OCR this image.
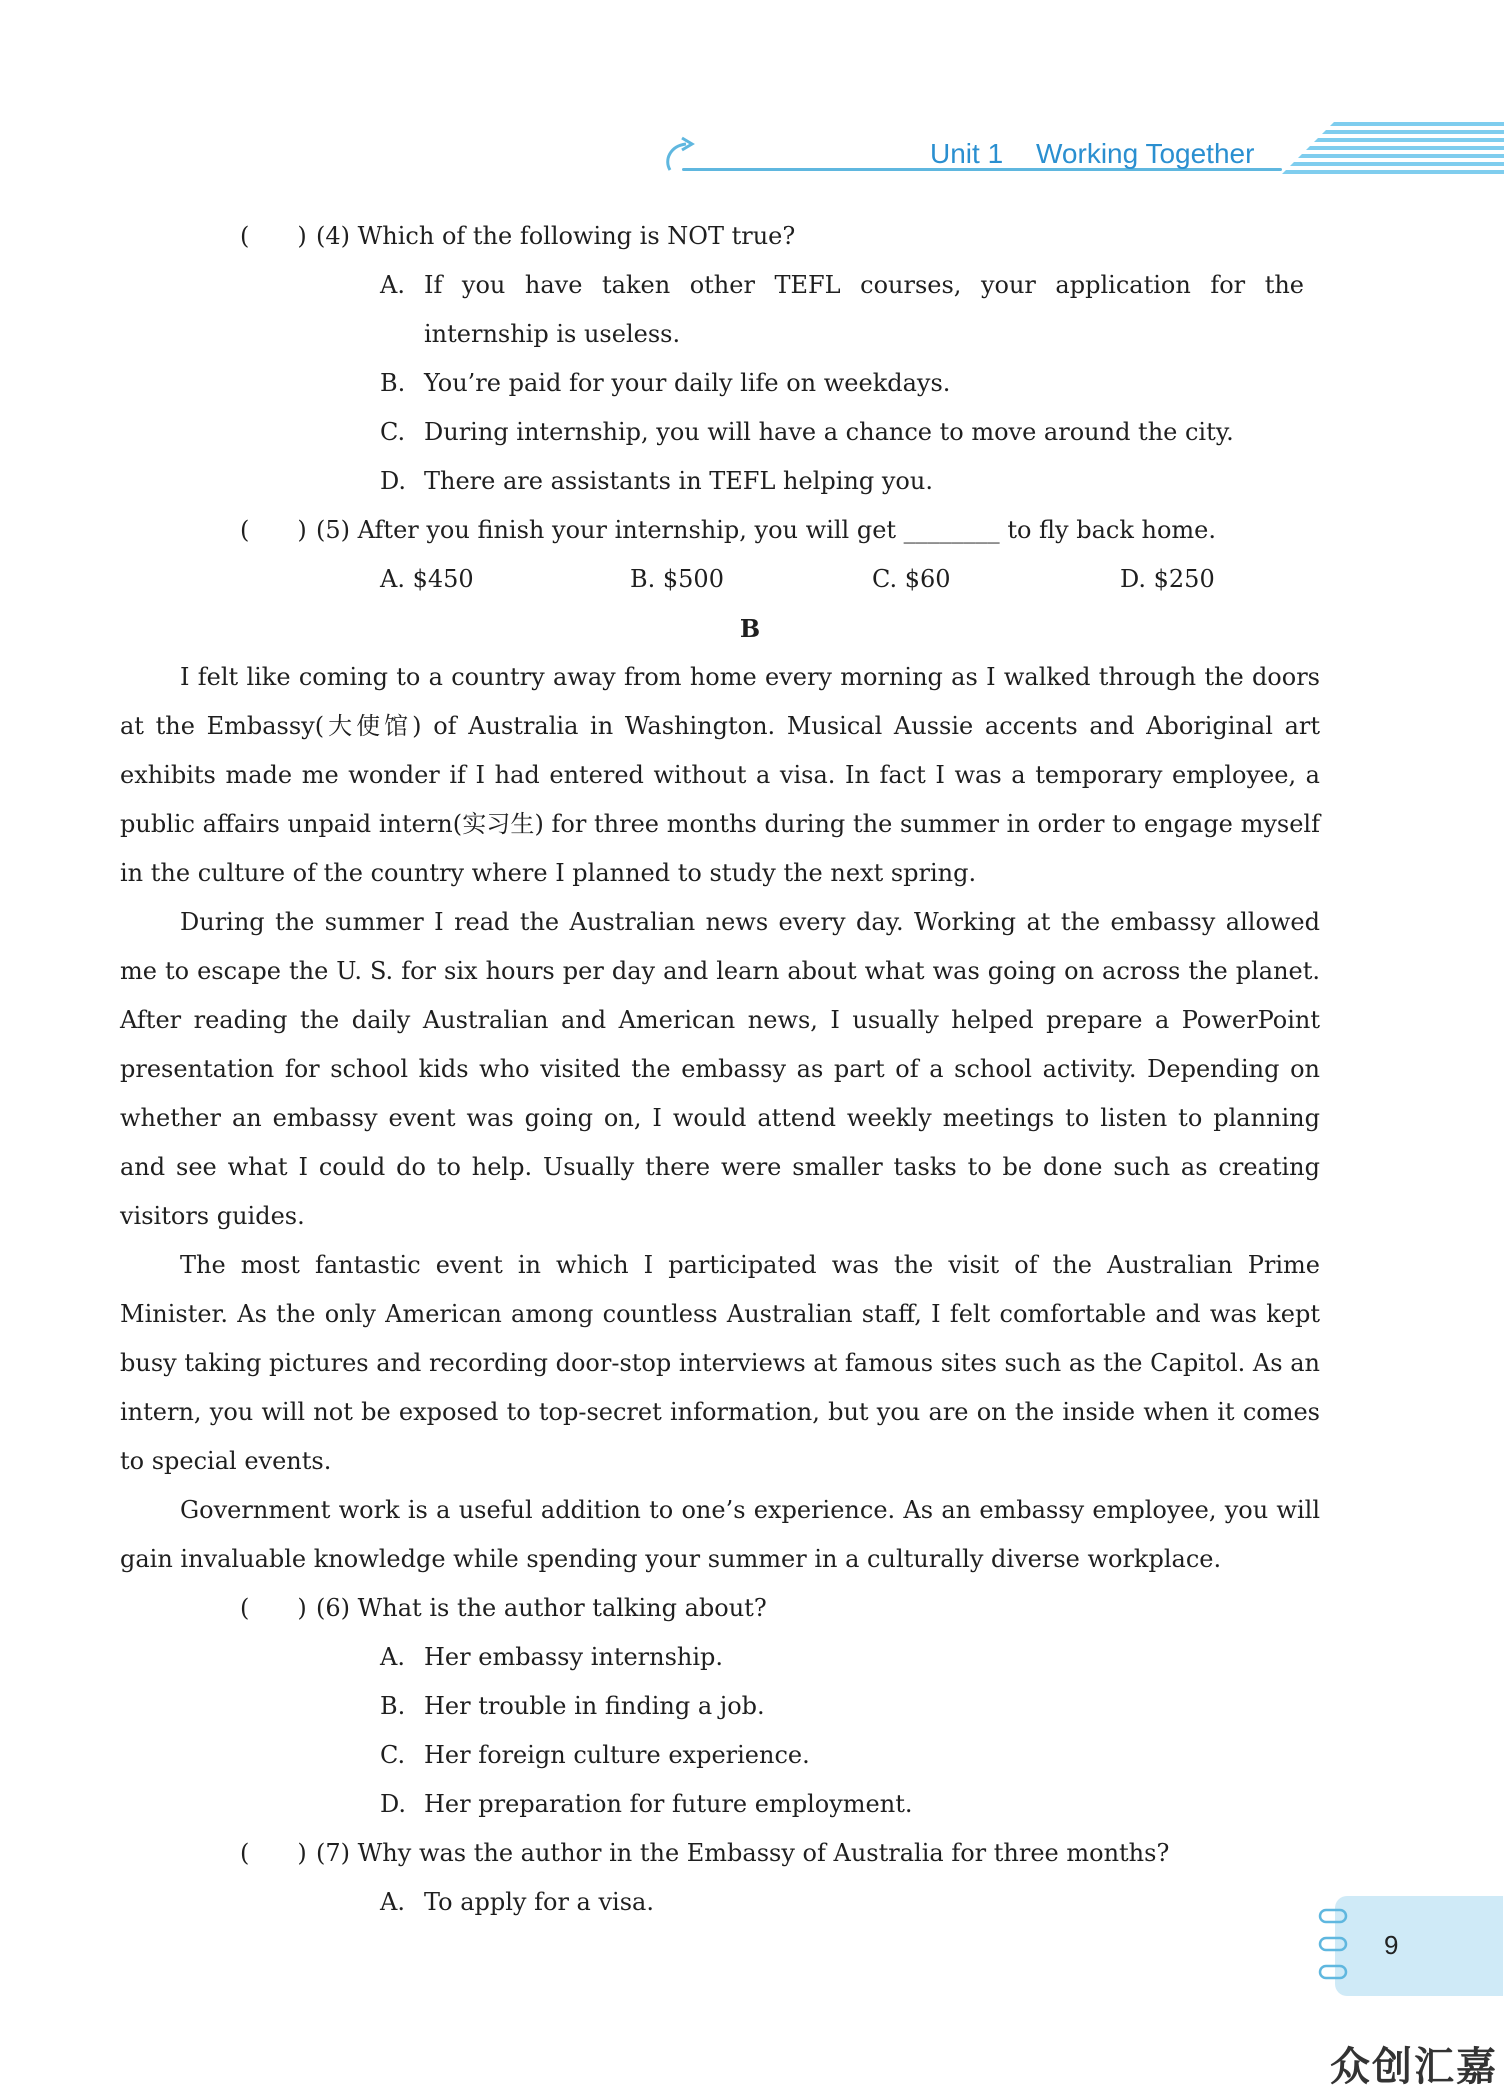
Unit 1 Working Together
(　　) (4) Which of the following is NOT true?
A. If you have taken other TEFL courses, your application for the internship is useless.
B. You’re paid for your daily life on weekdays.
C. During internship, you will have a chance to move around the city.
D. There are assistants in TEFL helping you.
(　　) (5) After you finish your internship, you will get ________ to fly back home.
A. $450	B. $500	C. $60	D. $250
B

I felt like coming to a country away from home every morning as I walked through the doors at the Embassy(大使馆) of Australia in Washington. Musical Aussie accents and Aboriginal art exhibits made me wonder if I had entered without a visa. In fact I was a temporary employee, a public affairs unpaid intern(实习生) for three months during the summer in order to engage myself in the culture of the country where I planned to study the next spring.

During the summer I read the Australian news every day. Working at the embassy allowed me to escape the U. S. for six hours per day and learn about what was going on across the planet. After reading the daily Australian and American news, I usually helped prepare a PowerPoint presentation for school kids who visited the embassy as part of a school activity. Depending on whether an embassy event was going on, I would attend weekly meetings to listen to planning and see what I could do to help. Usually there were smaller tasks to be done such as creating visitors guides.

The most fantastic event in which I participated was the visit of the Australian Prime Minister. As the only American among countless Australian staff, I felt comfortable and was kept busy taking pictures and recording door-stop interviews at famous sites such as the Capitol. As an intern, you will not be exposed to top-secret information, but you are on the inside when it comes to special events.

Government work is a useful addition to one’s experience. As an embassy employee, you will gain invaluable knowledge while spending your summer in a culturally diverse workplace.

(　　) (6) What is the author talking about?
A. Her embassy internship.
B. Her trouble in finding a job.
C. Her foreign culture experience.
D. Her preparation for future employment.
(　　) (7) Why was the author in the Embassy of Australia for three months?
A. To apply for a visa.
9
众创汇嘉
